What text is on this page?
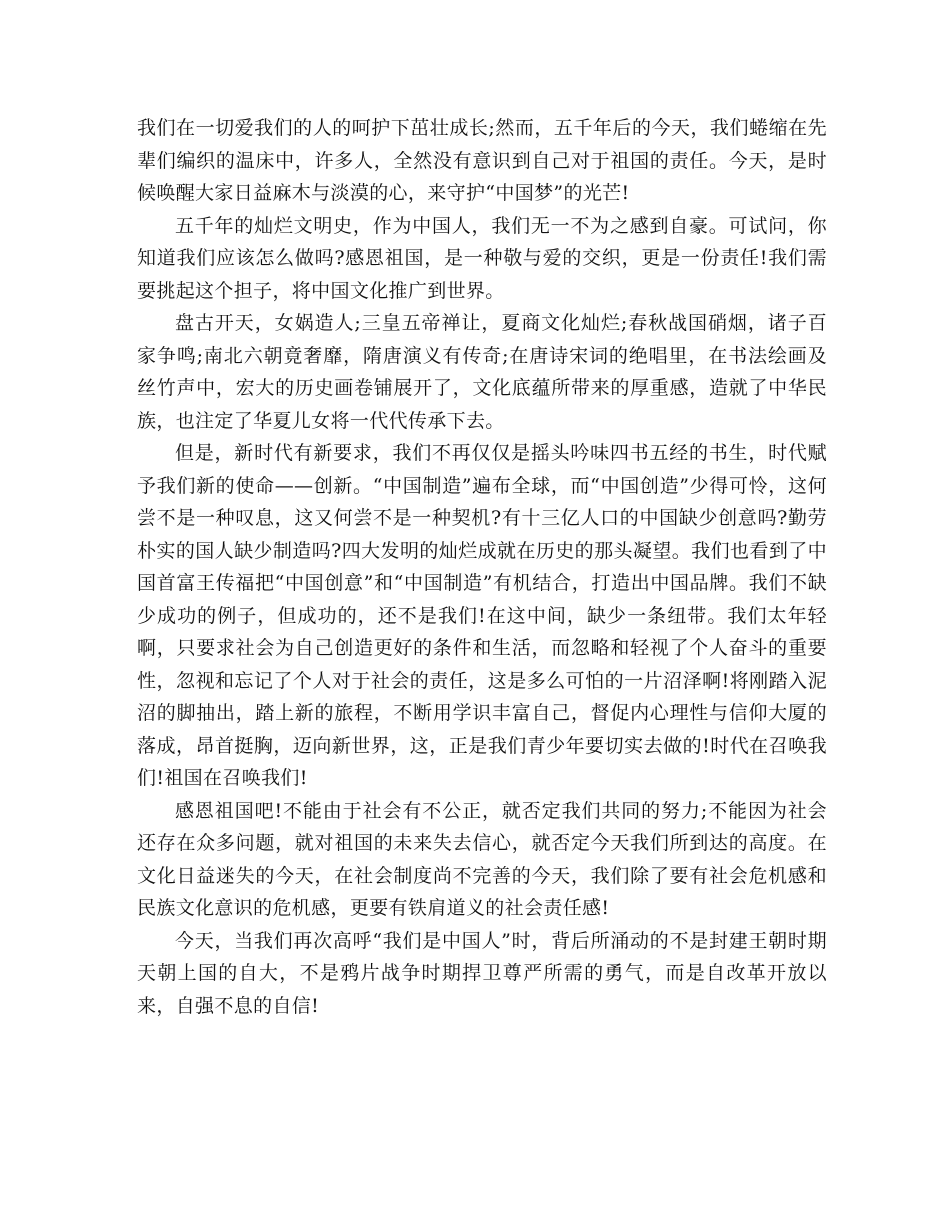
我们在一切爱我们的人的呵护下茁壮成长;然而，五千年后的今天，我们蜷缩在先辈们编织的温床中，许多人，全然没有意识到自己对于祖国的责任。今天，是时候唤醒大家日益麻木与淡漠的心，来守护“中国梦”的光芒!

五千年的灿烂文明史，作为中国人，我们无一不为之感到自豪。可试问，你知道我们应该怎么做吗?感恩祖国，是一种敬与爱的交织，更是一份责任!我们需要挑起这个担子，将中国文化推广到世界。

盘古开天，女娲造人;三皇五帝禅让，夏商文化灿烂;春秋战国硝烟，诸子百家争鸣;南北六朝竟奢靡，隋唐演义有传奇;在唐诗宋词的绝唱里，在书法绘画及丝竹声中，宏大的历史画卷铺展开了，文化底蕴所带来的厚重感，造就了中华民族，也注定了华夏儿女将一代代传承下去。

但是，新时代有新要求，我们不再仅仅是摇头吟味四书五经的书生，时代赋予我们新的使命——创新。“中国制造”遍布全球，而“中国创造”少得可怜，这何尝不是一种叹息，这又何尝不是一种契机?有十三亿人口的中国缺少创意吗?勤劳朴实的国人缺少制造吗?四大发明的灿烂成就在历史的那头凝望。我们也看到了中国首富王传福把“中国创意”和“中国制造”有机结合，打造出中国品牌。我们不缺少成功的例子，但成功的，还不是我们!在这中间，缺少一条纽带。我们太年轻啊，只要求社会为自己创造更好的条件和生活，而忽略和轻视了个人奋斗的重要性，忽视和忘记了个人对于社会的责任，这是多么可怕的一片沼泽啊!将刚踏入泥沼的脚抽出，踏上新的旅程，不断用学识丰富自己，督促内心理性与信仰大厦的落成，昂首挺胸，迈向新世界，这，正是我们青少年要切实去做的!时代在召唤我们!祖国在召唤我们!

感恩祖国吧!不能由于社会有不公正，就否定我们共同的努力;不能因为社会还存在众多问题，就对祖国的未来失去信心，就否定今天我们所到达的高度。在文化日益迷失的今天，在社会制度尚不完善的今天，我们除了要有社会危机感和民族文化意识的危机感，更要有铁肩道义的社会责任感!

今天，当我们再次高呼“我们是中国人”时，背后所涌动的不是封建王朝时期天朝上国的自大，不是鸦片战争时期捍卫尊严所需的勇气，而是自改革开放以来，自强不息的自信!
